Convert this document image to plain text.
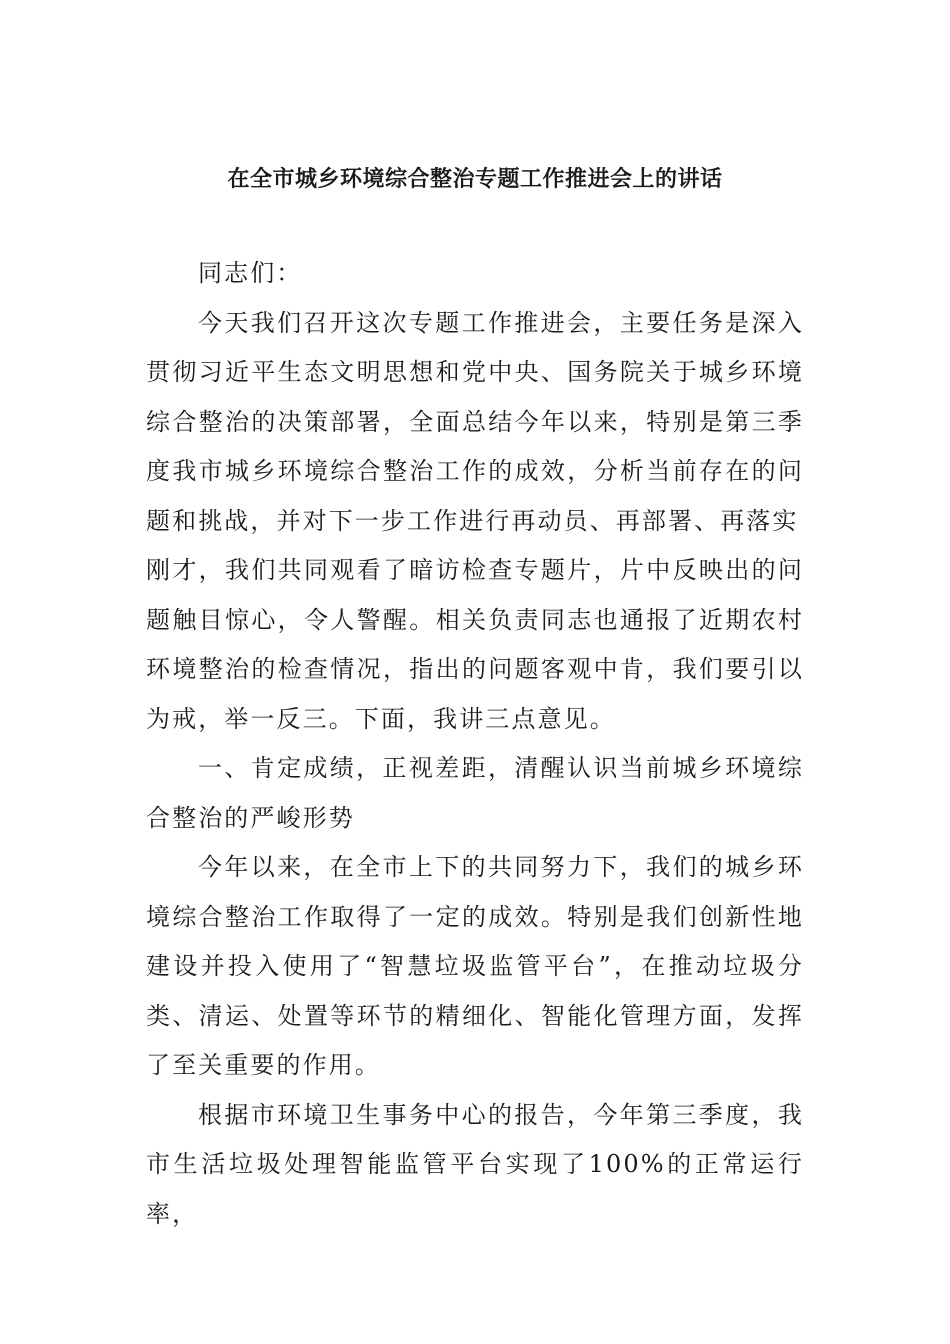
在全市城乡环境综合整治专题工作推进会上的讲话

同志们：

今天我们召开这次专题工作推进会，主要任务是深入贯彻习近平生态文明思想和党中央、国务院关于城乡环境综合整治的决策部署，全面总结今年以来，特别是第三季度我市城乡环境综合整治工作的成效，分析当前存在的问题和挑战，并对下一步工作进行再动员、再部署、再落实

刚才，我们共同观看了暗访检查专题片，片中反映出的问题触目惊心，令人警醒。相关负责同志也通报了近期农村环境整治的检查情况，指出的问题客观中肯，我们要引以为戒，举一反三。下面，我讲三点意见。

一、肯定成绩，正视差距，清醒认识当前城乡环境综合整治的严峻形势

今年以来，在全市上下的共同努力下，我们的城乡环境综合整治工作取得了一定的成效。特别是我们创新性地建设并投入使用了“智慧垃圾监管平台”，在推动垃圾分类、清运、处置等环节的精细化、智能化管理方面，发挥了至关重要的作用。

根据市环境卫生事务中心的报告，今年第三季度，我市生活垃圾处理智能监管平台实现了100%的正常运行率，
